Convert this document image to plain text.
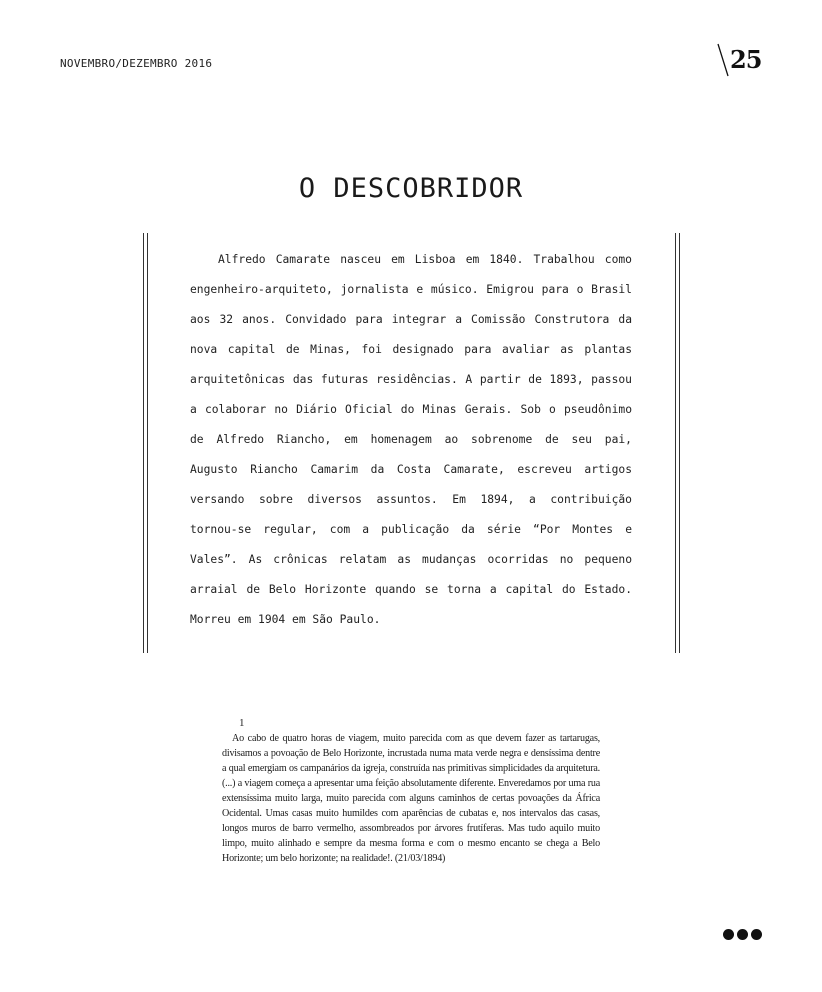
NOVEMBRO/DEZEMBRO 2016	25
O DESCOBRIDOR

Alfredo Camarate nasceu em Lisboa em 1840. Trabalhou como engenheiro-arquiteto, jornalista e músico. Emigrou para o Brasil aos 32 anos. Convidado para integrar a Comissão Construtora da nova capital de Minas, foi designado para avaliar as plantas arquitetônicas das futuras residências. A partir de 1893, passou a colaborar no Diário Oficial do Minas Gerais. Sob o pseudônimo de Alfredo Riancho, em homenagem ao sobrenome de seu pai, Augusto Riancho Camarim da Costa Camarate, escreveu artigos versando sobre diversos assuntos. Em 1894, a contribuição tornou-se regular, com a publicação da série “Por Montes e Vales”. As crônicas relatam as mudanças ocorridas no pequeno arraial de Belo Horizonte quando se torna a capital do Estado. Morreu em 1904 em São Paulo.

1

Ao cabo de quatro horas de viagem, muito parecida com as que devem fazer as tartarugas, divisamos a povoação de Belo Horizonte, incrustada numa mata verde negra e densíssima dentre a qual emergiam os campanários da igreja, construída nas primitivas simplicidades da arquitetura. (...) a viagem começa a apresentar uma feição absolutamente diferente. Enveredamos por uma rua extensíssima muito larga, muito parecida com alguns caminhos de certas povoações da África Ocidental. Umas casas muito humildes com aparências de cubatas e, nos intervalos das casas, longos muros de barro vermelho, assombreados por árvores frutíferas. Mas tudo aquilo muito limpo, muito alinhado e sempre da mesma forma e com o mesmo encanto se chega a Belo Horizonte; um belo horizonte; na realidade!. (21/03/1894)
